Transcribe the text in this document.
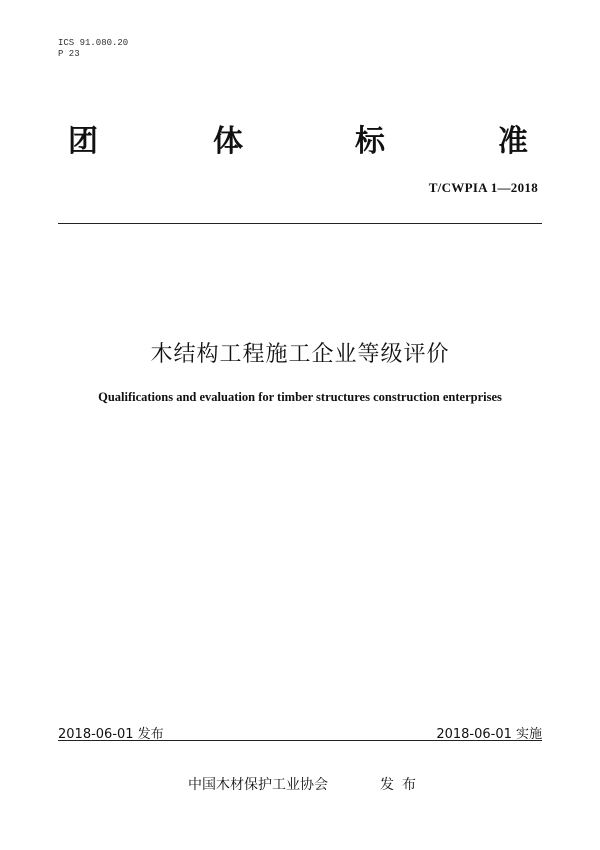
ICS 91.080.20
P 23
团	体	标	准
T/CWPIA 1—2018
木结构工程施工企业等级评价
Qualifications and evaluation for timber structures construction enterprises
2018-06-01 发布	2018-06-01 实施
中国木材保护工业协会	发布
